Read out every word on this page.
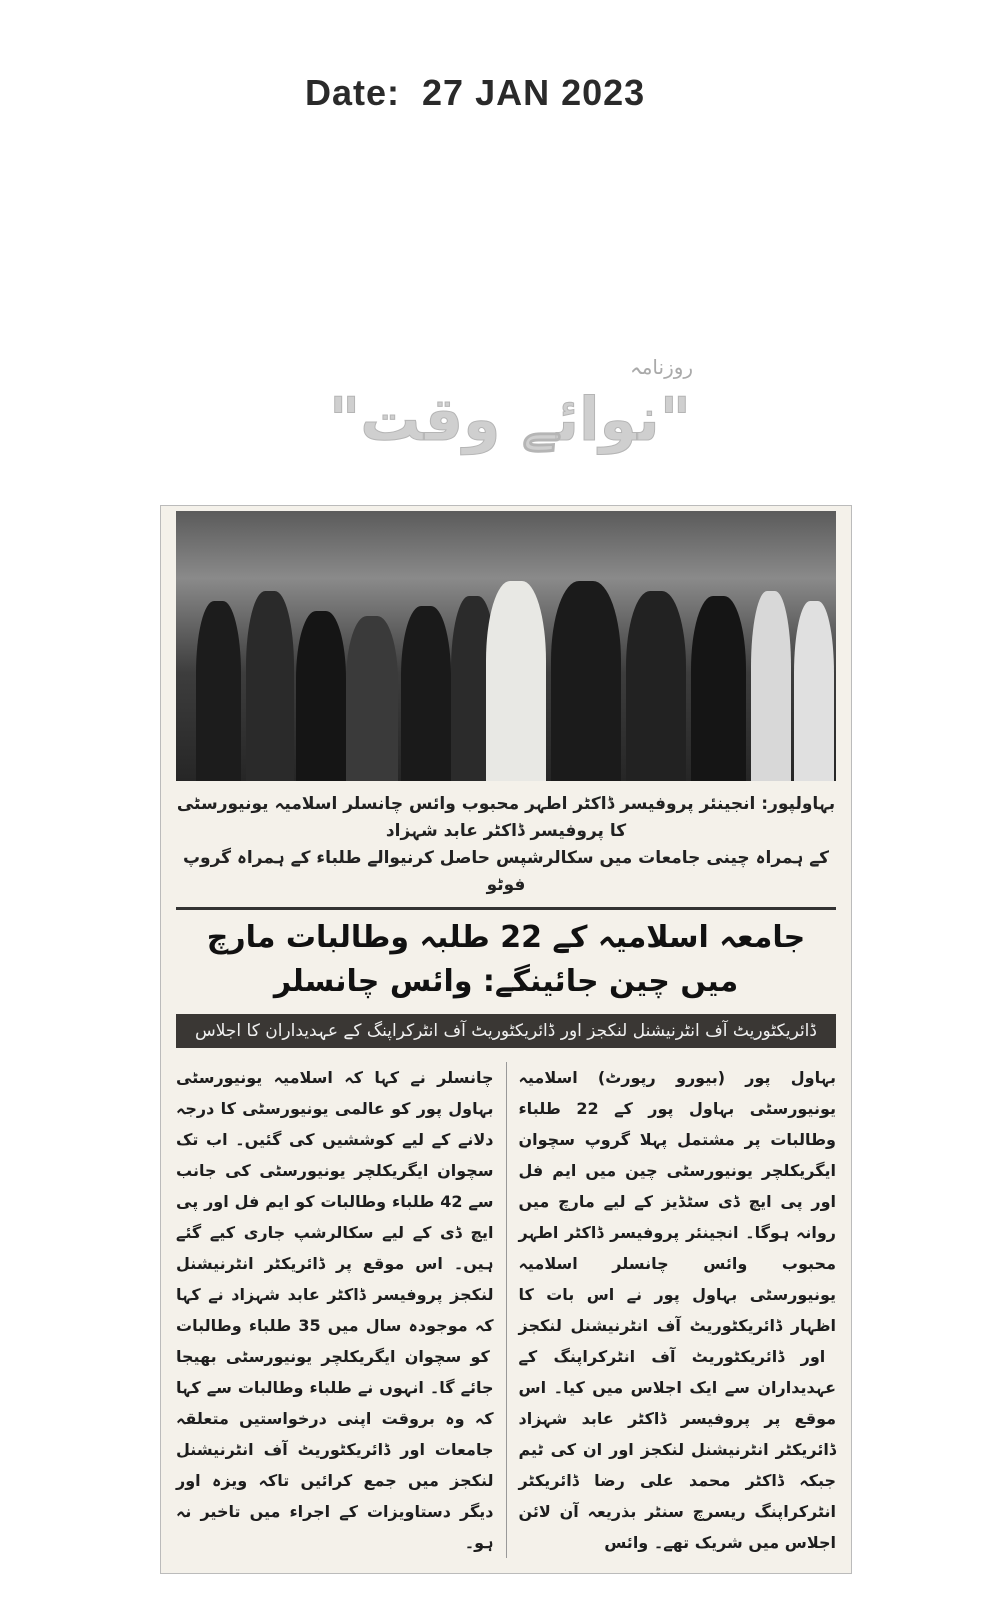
Date: 27 JAN 2023
روزنامہ
"نوائے وقت"
بہاولپور: انجینئر پروفیسر ڈاکٹر اطہر محبوب وائس چانسلر اسلامیہ یونیورسٹی کا پروفیسر ڈاکٹر عابد شہزاد
کے ہمراہ چینی جامعات میں سکالرشپس حاصل کرنیوالے طلباء کے ہمراہ گروپ فوٹو
جامعہ اسلامیہ کے 22 طلبہ وطالبات مارچ میں چین جائینگے: وائس چانسلر
ڈائریکٹوریٹ آف انٹرنیشنل لنکجز اور ڈائریکٹوریٹ آف انٹرکراپنگ کے عہدیداران کا اجلاس
بہاول پور (بیورو رپورٹ) اسلامیہ یونیورسٹیبہاول پور کے 22 طلباء وطالبات پر مشتمل پہلا گروپسچوان ایگریکلچر یونیورسٹی چین میں ایم فل اور پی ایچڈی سٹڈیز کے لیے مارچ میں روانہ ہوگا۔ انجینئرپروفیسر ڈاکٹر اطہر محبوب وائس چانسلر اسلامیہ یونیورسٹیبہاول پور نے اس بات کا اظہار ڈائریکٹوریٹ آفانٹرنیشنل لنکجز اور ڈائریکٹوریٹ آف انٹرکراپنگ کےعہدیداران سے ایک اجلاس میں کیا۔ اس موقع پرپروفیسر ڈاکٹر عابد شہزاد ڈائریکٹر انٹرنیشنل لنکجز اور ان کیٹیم جبکہ ڈاکٹر محمد علی رضا ڈائریکٹر انٹرکراپنگ ریسرچسنٹر بذریعہ آن لائن اجلاس میں شریک تھے۔ وائس
چانسلر نے کہا کہ اسلامیہ یونیورسٹی بہاول پور کو عالمییونیورسٹی کا درجہ دلانے کے لیے کوششیں کی گئیں۔ ابتک سچوان ایگریکلچر یونیورسٹی کی جانب سے 42 طلباءوطالبات کو ایم فل اور پی ایچ ڈی کے لیے سکالرشپجاری کیے گئے ہیں۔ اس موقع پر ڈائریکٹر انٹرنیشنل لنکجزپروفیسر ڈاکٹر عابد شہزاد نے کہا کہ موجودہ سال میں35 طلباء وطالبات کو سچوان ایگریکلچر یونیورسٹی بھیجاجائے گا۔ انہوں نے طلباء وطالبات سے کہا کہ وہبروقت اپنی درخواستیں متعلقہ جامعات اورڈائریکٹوریٹ آف انٹرنیشنل لنکجز میں جمع کرائیں تاکہویزہ اور دیگر دستاویزات کے اجراء میں تاخیر نہ ہو۔
